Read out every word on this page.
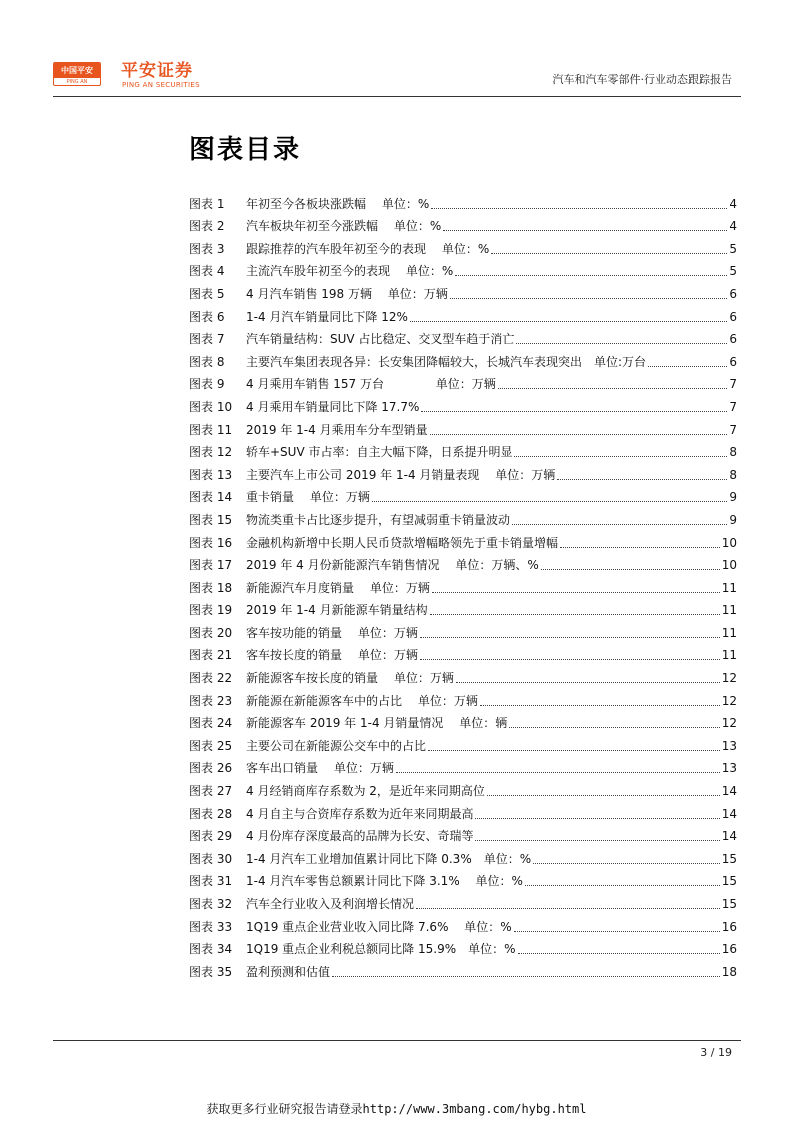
中国平安
PING AN
平安证券
PING AN SECURITIES	汽车和汽车零部件·行业动态跟踪报告
图表目录
图表 1	年初至今各板块涨跌幅　 单位：%	4
图表 2	汽车板块年初至今涨跌幅　 单位：%	4
图表 3	跟踪推荐的汽车股年初至今的表现　 单位：%	5
图表 4	主流汽车股年初至今的表现　 单位：%	5
图表 5	4 月汽车销售 198 万辆　 单位：万辆	6
图表 6	1-4 月汽车销量同比下降 12%	6
图表 7	汽车销量结构：SUV 占比稳定、交叉型车趋于消亡	6
图表 8	主要汽车集团表现各异：长安集团降幅较大，长城汽车表现突出　单位:万台	6
图表 9	4 月乘用车销售 157 万台　　　　 单位：万辆	7
图表 10	4 月乘用车销量同比下降 17.7%	7
图表 11	2019 年 1-4 月乘用车分车型销量	7
图表 12	轿车+SUV 市占率：自主大幅下降，日系提升明显	8
图表 13	主要汽车上市公司 2019 年 1-4 月销量表现　 单位：万辆	8
图表 14	重卡销量　 单位：万辆	9
图表 15	物流类重卡占比逐步提升，有望减弱重卡销量波动	9
图表 16	金融机构新增中长期人民币贷款增幅略领先于重卡销量增幅	10
图表 17	2019 年 4 月份新能源汽车销售情况　 单位：万辆、%	10
图表 18	新能源汽车月度销量　 单位：万辆	11
图表 19	2019 年 1-4 月新能源车销量结构	11
图表 20	客车按功能的销量　 单位：万辆	11
图表 21	客车按长度的销量　 单位：万辆	11
图表 22	新能源客车按长度的销量　 单位：万辆	12
图表 23	新能源在新能源客车中的占比　 单位：万辆	12
图表 24	新能源客车 2019 年 1-4 月销量情况　 单位：辆	12
图表 25	主要公司在新能源公交车中的占比	13
图表 26	客车出口销量　 单位：万辆	13
图表 27	4 月经销商库存系数为 2，是近年来同期高位	14
图表 28	4 月自主与合资库存系数为近年来同期最高	14
图表 29	4 月份库存深度最高的品牌为长安、奇瑞等	14
图表 30	1-4 月汽车工业增加值累计同比下降 0.3%　单位：%	15
图表 31	1-4 月汽车零售总额累计同比下降 3.1%　 单位：%	15
图表 32	汽车全行业收入及利润增长情况	15
图表 33	1Q19 重点企业营业收入同比降 7.6%　 单位：%	16
图表 34	1Q19 重点企业利税总额同比降 15.9%　单位：%	16
图表 35	盈利预测和估值	18
3 / 19
获取更多行业研究报告请登录http://www.3mbang.com/hybg.html
